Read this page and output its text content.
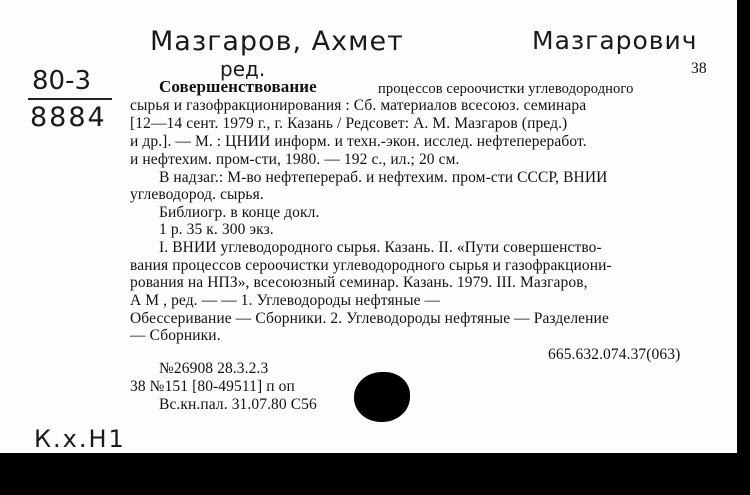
Мазгаров, Ахмет
ред.
Мазгарович
80-3
8884
К.х.Н1
38
Совершенствование	процессов сероочистки углеводородного
сырья и газофракционирования : Сб. материалов всесоюз. семинара
[12—14 сент. 1979 г., г. Казань / Редсовет: А. М. Мазгаров (пред.)
и др.]. — М. : ЦНИИ информ. и техн.-экон. исслед. нефтепереработ.
и нефтехим. пром-сти, 1980. — 192 с., ил.; 20 см.
В надзаг.: М-во нефтеперераб. и нефтехим. пром-сти СССР, ВНИИ
углеводород. сырья.
Библиогр. в конце докл.
1 р. 35 к. 300 экз.
I. ВНИИ углеводородного сырья. Казань. II. «Пути совершенство-
вания процессов сероочистки углеводородного сырья и газофракциони-
рования на НПЗ», всесоюзный семинар. Казань. 1979. III. Мазгаров,
А М , ред. — — 1. Углеводороды нефтяные —
Обессеривание — Сборники. 2. Углеводороды нефтяные — Разделение
— Сборники.
665.632.074.37(063)
№26908 28.3.2.3
38 №151 [80-49511] п оп
Вс.кн.пал. 31.07.80 С56
